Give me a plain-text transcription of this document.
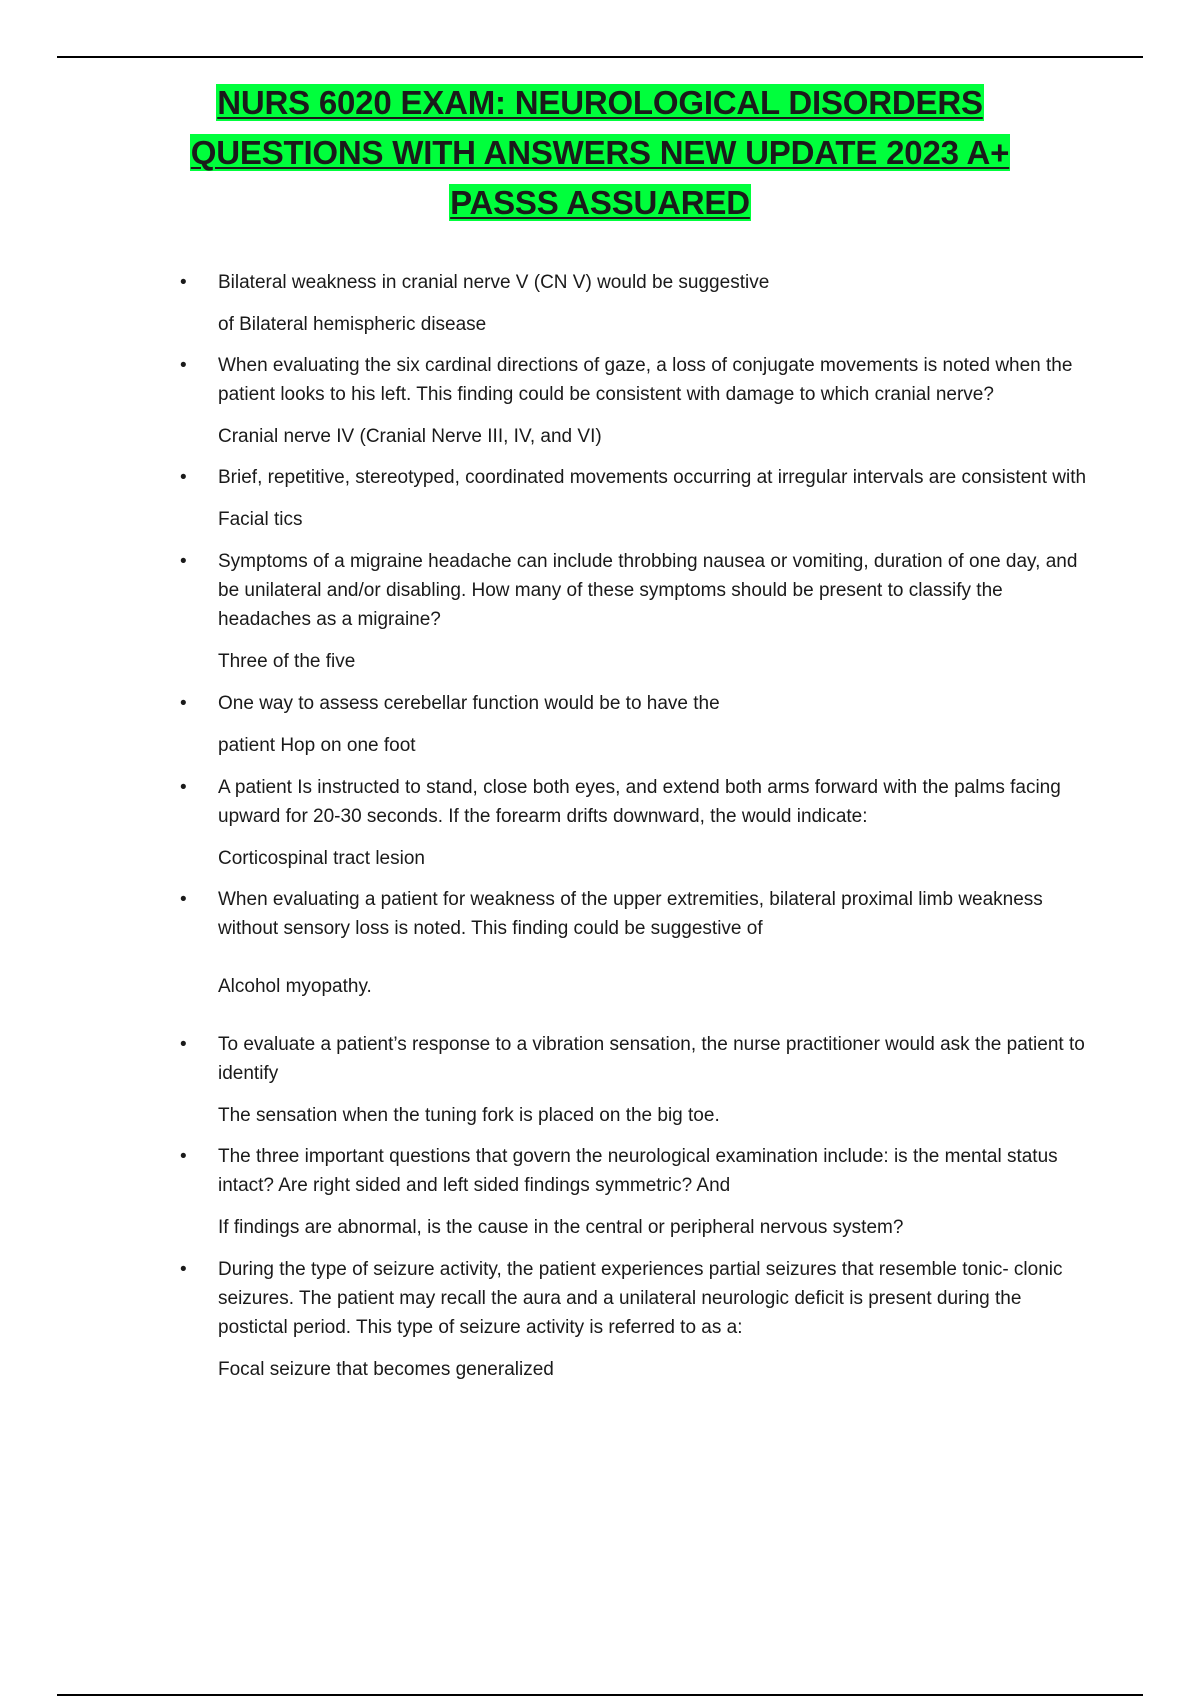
NURS 6020 EXAM: NEUROLOGICAL DISORDERS
QUESTIONS WITH ANSWERS NEW UPDATE 2023 A+
PASSS ASSUARED
• Bilateral weakness in cranial nerve V (CN V) would be suggestive
of Bilateral hemispheric disease
• When evaluating the six cardinal directions of gaze, a loss of conjugate movements is noted when the patient looks to his left. This finding could be consistent with damage to which cranial nerve?
Cranial nerve IV (Cranial Nerve III, IV, and VI)
• Brief, repetitive, stereotyped, coordinated movements occurring at irregular intervals are consistent with
Facial tics
• Symptoms of a migraine headache can include throbbing nausea or vomiting, duration of one day, and be unilateral and/or disabling. How many of these symptoms should be present to classify the headaches as a migraine?
Three of the five
• One way to assess cerebellar function would be to have the
patient Hop on one foot
• A patient Is instructed to stand, close both eyes, and extend both arms forward with the palms facing upward for 20-30 seconds. If the forearm drifts downward, the would indicate:
Corticospinal tract lesion
• When evaluating a patient for weakness of the upper extremities, bilateral proximal limb weakness without sensory loss is noted. This finding could be suggestive of
Alcohol myopathy.
• To evaluate a patient’s response to a vibration sensation, the nurse practitioner would ask the patient to identify
The sensation when the tuning fork is placed on the big toe.
• The three important questions that govern the neurological examination include: is the mental status intact? Are right sided and left sided findings symmetric? And
If findings are abnormal, is the cause in the central or peripheral nervous system?
• During the type of seizure activity, the patient experiences partial seizures that resemble tonic- clonic seizures. The patient may recall the aura and a unilateral neurologic deficit is present during the postictal period. This type of seizure activity is referred to as a:
Focal seizure that becomes generalized
